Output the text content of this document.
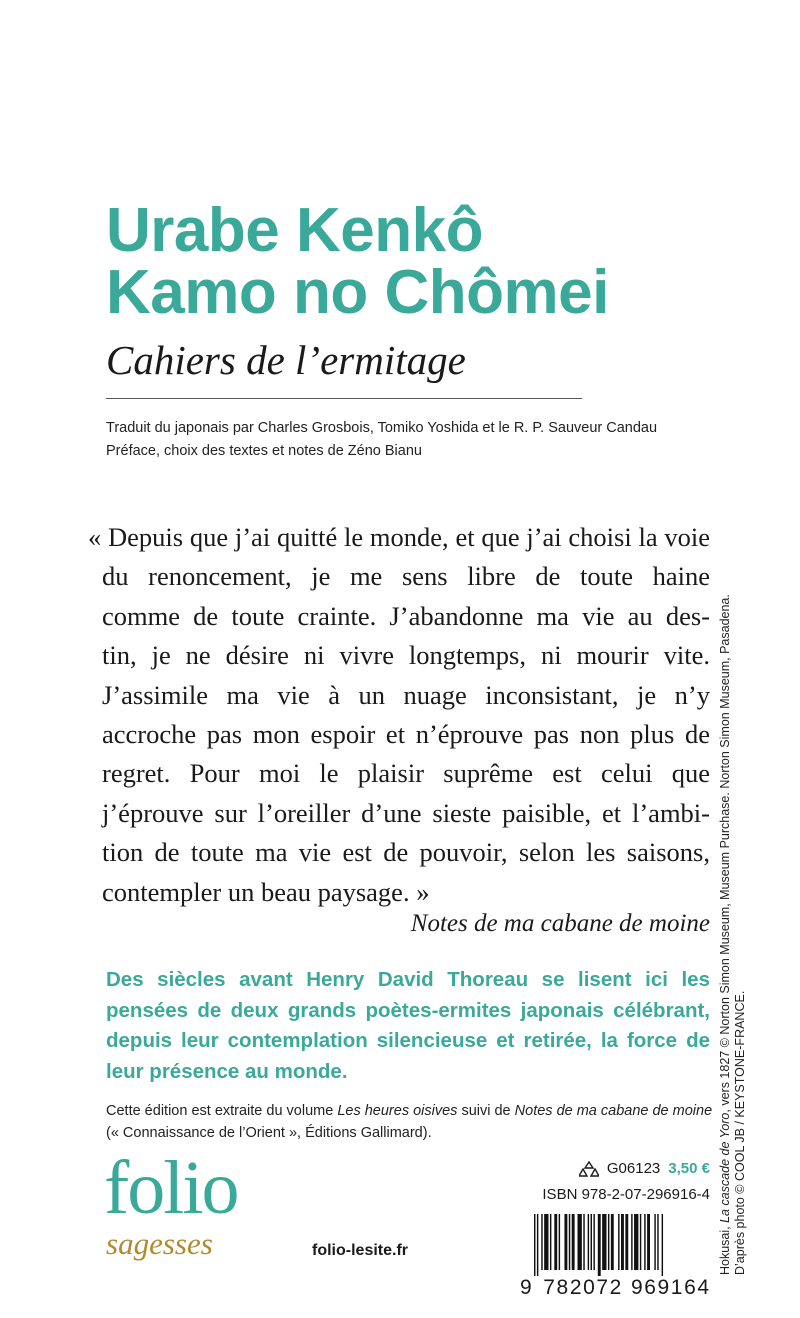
Urabe Kenkô
Kamo no Chômei
Cahiers de l’ermitage
Traduit du japonais par Charles Grosbois, Tomiko Yoshida et le R. P. Sauveur Candau
Préface, choix des textes et notes de Zéno Bianu
« Depuis que j’ai quitté le monde, et que j’ai choisi la voie
du renoncement, je me sens libre de toute haine
comme de toute crainte. J’abandonne ma vie au des-
tin, je ne désire ni vivre longtemps, ni mourir vite.
J’assimile ma vie à un nuage inconsistant, je n’y
accroche pas mon espoir et n’éprouve pas non plus de
regret. Pour moi le plaisir suprême est celui que
j’éprouve sur l’oreiller d’une sieste paisible, et l’ambi-
tion de toute ma vie est de pouvoir, selon les saisons,
contempler un beau paysage. »
Notes de ma cabane de moine
Des siècles avant Henry David Thoreau se lisent ici les
pensées de deux grands poètes-ermites japonais célébrant,
depuis leur contemplation silencieuse et retirée, la force de
leur présence au monde.
Cette édition est extraite du volume Les heures oisives suivi de Notes de ma cabane de moine
(« Connaissance de l’Orient », Éditions Gallimard).
G06123 3,50 €
ISBN 978-2-07-296916-4
folio
sagesses	folio-lesite.fr
9 782072 969164
Hokusai, La cascade de Yoro, vers 1827 © Norton Simon Museum, Museum Purchase. Norton Simon Museum, Pasadena.
D’après photo © COOL JB / KEYSTONE-FRANCE.
